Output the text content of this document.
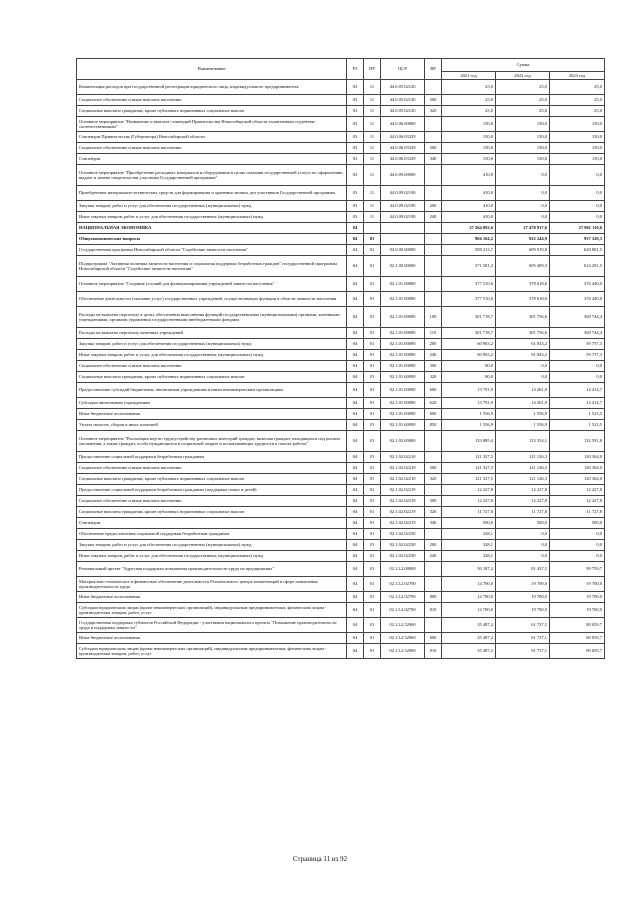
Наименование	РЗ	ПР	ЦСР	ВР	Сумма		
					2021 год	2022 год	2023 год
Компенсация расходов при государственной регистрации юридического лица, индивидуального предпринимателя	03	11	44.0.05.02120		25,0	25,0	25,0
Социальное обеспечение и иные выплаты населению	03	11	44.0.05.02120	300	25,0	25,0	25,0
Социальные выплаты гражданам, кроме публичных нормативных социальных выплат	03	11	44.0.05.02120	320	25,0	25,0	25,0
Основное мероприятие "Назначение и выплата стипендий Правительства Новосибирской области талантливым студентам-соотечественникам"	03	11	44.0.06.00000		150,0	150,0	150,0
Стипендии Правительства (Губернатора) Новосибирской области	03	11	44.0.06.03329		150,0	150,0	150,0
Социальное обеспечение и иные выплаты населению	03	11	44.0.06.03329	300	150,0	150,0	150,0
Стипендии	03	11	44.0.06.03329	340	150,0	150,0	150,0
Основное мероприятие "Приобретение расходных материалов и оборудования в целях оказания государственной услуги по оформлению, выдаче и замене свидетельства участника Государственной программы"	03	11	44.0.09.00000		410,0	0,0	0,0
Приобретение материально-технических средств для формирования и хранения личных дел участников Государственной программы	03	11	44.0.09.02190		410,0	0,0	0,0
Закупка товаров, работ и услуг для обеспечения государственных (муниципальных) нужд	03	11	44.0.09.02190	200	410,0	0,0	0,0
Иные закупки товаров, работ и услуг для обеспечения государственных (муниципальных) нужд	03	11	44.0.09.02190	240	410,0	0,0	0,0
НАЦИОНАЛЬНАЯ ЭКОНОМИКА	04				27 264 092,6	27 478 917,6	27 861 110,6
Общеэкономические вопросы	04	01			904 164,2	922 244,9	937 320,3
Государственная программа Новосибирской области "Содействие занятости населения"	04	01	02.0.00.00000		598 313,7	609 919,8	620 801,5
Подпрограмма "Активная политика занятости населения и социальная поддержка безработных граждан" государственной программы Новосибирской области "Содействие занятости населения"	04	01	02.1.00.00000		571 581,2	605 409,3	614 291,5
Основное мероприятие "Создание условий для функционирования учреждений занятости населения"	04	01	02.1.01.00000		377 510,6	378 618,6	376 440,0
Обеспечение деятельности (оказание услуг) государственных учреждений, осуществляющих функции в области занятости населения	04	01	02.1.01.00090		377 510,6	378 618,6	376 440,0
Расходы на выплаты персоналу в целях обеспечения выполнения функций государственными (муниципальными) органами, казенными учреждениями, органами управления государственными внебюджетными фондами	04	01	02.1.01.00090	100	301 718,7	301 756,6	300 744,4
Расходы на выплаты персоналу казенных учреждений	04	01	02.1.01.00090	110	301 718,7	301 756,6	300 744,4
Закупка товаров, работ и услуг для обеспечения государственных (муниципальных) нужд	04	01	02.1.01.00090	200	60 963,2	61 043,2	59 757,3
Иные закупки товаров, работ и услуг для обеспечения государственных (муниципальных) нужд	04	01	02.1.01.00090	240	60 963,2	61 043,2	59 757,3
Социальное обеспечение и иные выплаты населению	04	01	02.1.01.00090	300	80,0	0,0	0,0
Социальные выплаты гражданам, кроме публичных нормативных социальных выплат	04	01	02.1.01.00090	320	80,0	0,0	0,0
Предоставление субсидий бюджетным, автономным учреждениям и иным некоммерческим организациям	04	01	02.1.01.00090	600	13 791,9	14 261,9	14 414,7
Субсидии автономным учреждениям	04	01	02.1.01.00090	620	13 791,9	14 261,9	14 414,7
Иные бюджетные ассигнования	04	01	02.1.01.00090	800	1 556,9	1 556,9	1 523,5
Уплата налогов, сборов и иных платежей	04	01	02.1.01.00090	850	1 556,9	1 556,9	1 523,5
Основное мероприятие "Реализация мер по трудоустройству различных категорий граждан, включая граждан, находящихся под риском увольнения, а также граждан, особо нуждающихся в социальной защите и испытывающих трудности в поиске работы"	04	01	02.1.02.00000		133 885,4	133 354,1	132 591,8
Предоставление социальной поддержки безработным гражданам	04	01	02.1.02.02210		121 327,5	121 126,3	120 364,0
Социальное обеспечение и иные выплаты населению	04	01	02.1.02.02210	300	121 327,5	121 126,3	120 364,0
Социальные выплаты гражданам, кроме публичных нормативных социальных выплат	04	01	02.1.02.02210	320	121 327,5	121 126,3	120 364,0
Предоставление социальной поддержки безработным гражданам (поддержка семьи и детей)	04	01	02.1.02.02219		12 227,8	12 227,8	12 227,8
Социальное обеспечение и иные выплаты населению	04	01	02.1.02.02219	300	12 227,8	12 227,8	12 227,8
Социальные выплаты гражданам, кроме публичных нормативных социальных выплат	04	01	02.1.02.02219	320	11 727,8	11 727,8	11 727,8
Стипендии	04	01	02.1.02.02219	340	500,0	500,0	500,0
Обеспечение предоставления социальной поддержки безработным гражданам	04	01	02.1.02.02230		328,1	0,0	0,0
Закупка товаров, работ и услуг для обеспечения государственных (муниципальных) нужд	04	01	02.1.02.02230	200	328,1	0,0	0,0
Иные закупки товаров, работ и услуг для обеспечения государственных (муниципальных) нужд	04	01	02.1.02.02230	240	328,1	0,0	0,0
Региональный проект "Адресная поддержка повышения производительности труда на предприятиях"	04	01	02.1.L2.00000		50 187,2	81 437,1	99 759,7
Материально-техническое и финансовое обеспечение деятельности Регионального центра компетенций в сфере повышения производительности труда	04	01	02.1.L2.02790		14 700,0	19 700,0	19 700,0
Иные бюджетные ассигнования	04	01	02.1.L2.02790	800	14 700,0	19 700,0	19 700,0
Субсидии юридическим лицам (кроме некоммерческих организаций), индивидуальным предпринимателям, физическим лицам - производителям товаров, работ, услуг	04	01	02.1.L2.02790	810	14 700,0	19 700,0	19 700,0
Государственная поддержка субъектов Российской Федерации - участников национального проекта "Повышение производительности труда и поддержка занятости"	04	01	02.1.L2.52960		35 487,2	61 737,1	80 059,7
Иные бюджетные ассигнования	04	01	02.1.L2.52960	800	35 487,2	61 737,1	80 059,7
Субсидии юридическим лицам (кроме некоммерческих организаций), индивидуальным предпринимателям, физическим лицам - производителям товаров, работ, услуг	04	01	02.1.L2.52960	810	35 487,2	61 737,1	80 059,7
Страница 11 из 92
